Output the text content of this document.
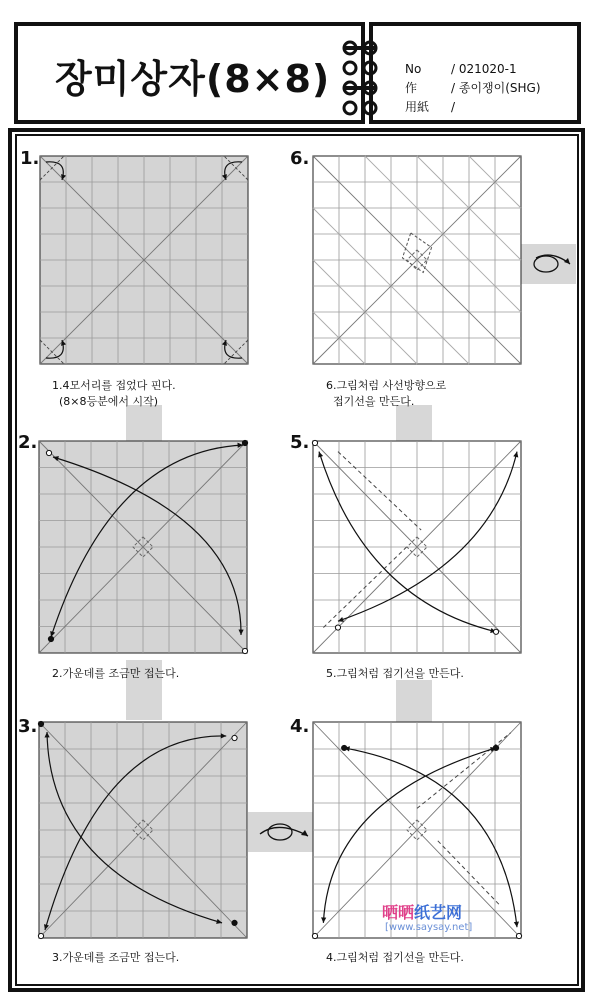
장미상자(8×8)	No / 021020-1
作	/ 종이쟁이(SHG)
用紙 /
1.	6.
2.	5.
3.	4.
1.4모서리를 접었다 핀다.
(8×8등분에서 시작)
6.그림처럼 사선방향으로
접기선을 만든다.
2.가운데를 조금만 접는다.	5.그림처럼 접기선을 만든다.
3.가운데를 조금만 접는다.	4.그림처럼 접기선을 만든다.
晒晒纸艺网
[www.saysay.net]
